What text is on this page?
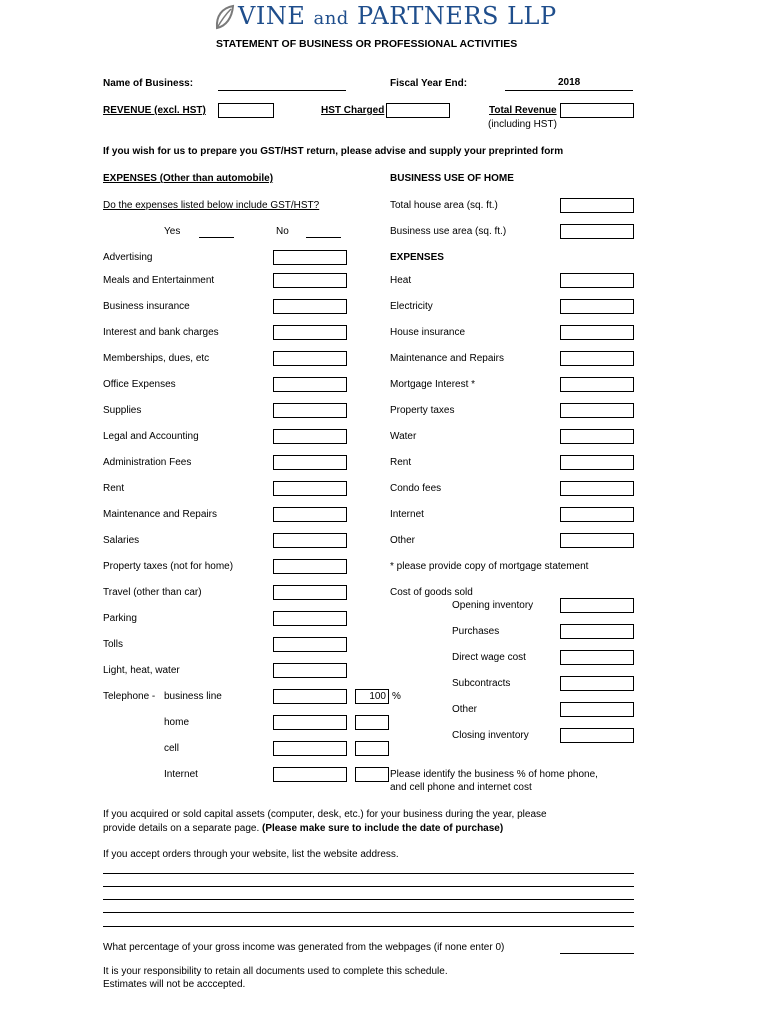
VINE and PARTNERS LLP
STATEMENT OF BUSINESS OR PROFESSIONAL ACTIVITIES
Name of Business:	Fiscal Year End:	2018
REVENUE (excl. HST)	HST Charged	Total Revenue
(including HST)
If you wish for us to prepare you GST/HST return, please advise and supply your preprinted form
EXPENSES (Other than automobile)
Do the expenses listed below include GST/HST?
Yes	No
Advertising
Meals and Entertainment
Business insurance
Interest and bank charges
Memberships, dues, etc
Office Expenses
Supplies
Legal and Accounting
Administration Fees
Rent
Maintenance and Repairs
Salaries
Property taxes (not for home)
Travel (other than car)
Parking
Tolls
Light, heat, water
Telephone - business line	100 %
home
cell
Internet	Please identify the business % of home phone,
and cell phone and internet cost
BUSINESS USE OF HOME
Total house area (sq. ft.)
Business use area (sq. ft.)
EXPENSES
Heat
Electricity
House insurance
Maintenance and Repairs
Mortgage Interest *
Property taxes
Water
Rent
Condo fees
Internet
Other
* please provide copy of mortgage statement
Cost of goods sold
Opening inventory
Purchases
Direct wage cost
Subcontracts
Other
Closing inventory
If you acquired or sold capital assets (computer, desk, etc.) for your business during the year, please
provide details on a separate page. (Please make sure to include the date of purchase)
If you accept orders through your website, list the website address.
What percentage of your gross income was generated from the webpages (if none enter 0)
It is your responsibility to retain all documents used to complete this schedule.
Estimates will not be acccepted.
